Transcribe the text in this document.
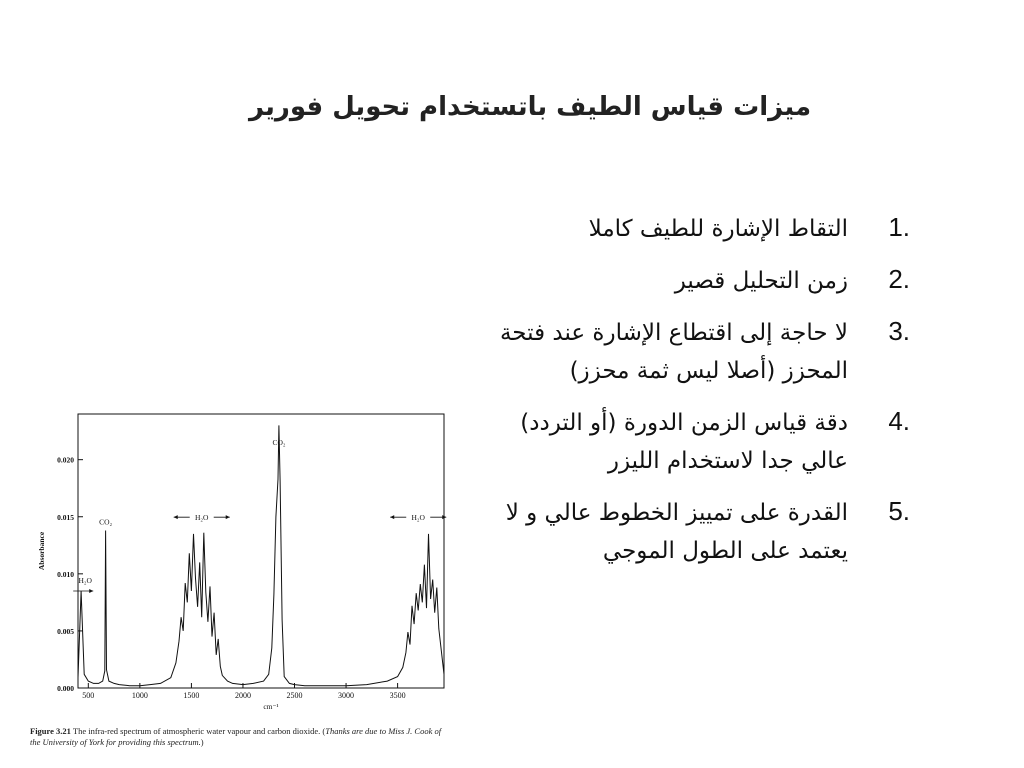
ميزات قياس الطيف باتستخدام تحويل فورير
1.
التقاط الإشارة للطيف كاملا
2.
زمن التحليل قصير
3.
لا حاجة إلى اقتطاع الإشارة عند فتحة المحزز (أصلا ليس ثمة محزز)
4.
دقة قياس الزمن الدورة (أو التردد) عالي جدا لاستخدام الليزر
5.
القدرة على تمييز الخطوط عالي و لا يعتمد على الطول الموجي
0.000
0.005
0.010
0.015
0.020
500	1000	1500	2000	2500	3000	3500
cm⁻¹
Absorbance
H₂O
CO₂
H₂O
CO₂
H₂O
Figure 3.21 The infra-red spectrum of atmospheric water vapour and carbon dioxide. (Thanks are due to Miss J. Cook of the University of York for providing this spectrum.)
